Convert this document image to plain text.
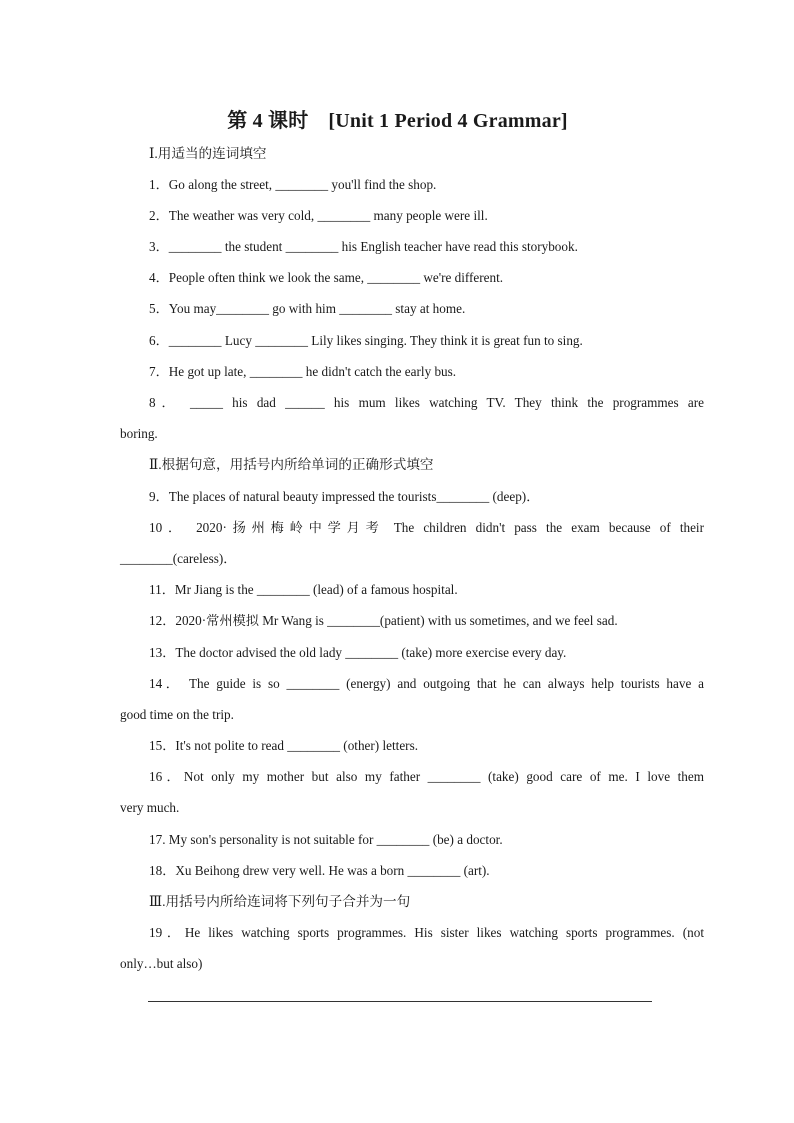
第 4 课时 [Unit 1 Period 4 Grammar]
Ⅰ.用适当的连词填空
1．Go along the street, ________ you'll find the shop.
2．The weather was very cold, ________ many people were ill.
3．________ the student ________ his English teacher have read this storybook.
4．People often think we look the same, ________ we're different.
5．You may________ go with him ________ stay at home.
6．________ Lucy ________ Lily likes singing. They think it is great fun to sing.
7．He got up late, ________ he didn't catch the early bus.
8． _____ his dad ______ his mum likes watching TV. They think the programmes are
boring.
Ⅱ.根据句意，用括号内所给单词的正确形式填空
9．The places of natural beauty impressed the tourists________ (deep)．
10． 2020·扬州梅岭中学月考 The children didn't pass the exam because of their
________(careless)．
11．Mr Jiang is the ________ (lead) of a famous hospital.
12．2020·常州模拟 Mr Wang is ________(patient) with us sometimes, and we feel sad.
13．The doctor advised the old lady ________ (take) more exercise every day.
14． The guide is so ________ (energy) and outgoing that he can always help tourists have a
good time on the trip.
15．It's not polite to read ________ (other) letters.
16．Not only my mother but also my father ________ (take) good care of me. I love them
very much.
17. My son's personality is not suitable for ________ (be) a doctor.
18．Xu Beihong drew very well. He was a born ________ (art).
Ⅲ.用括号内所给连词将下列句子合并为一句
19．He likes watching sports programmes. His sister likes watching sports programmes. (not
only…but also)
